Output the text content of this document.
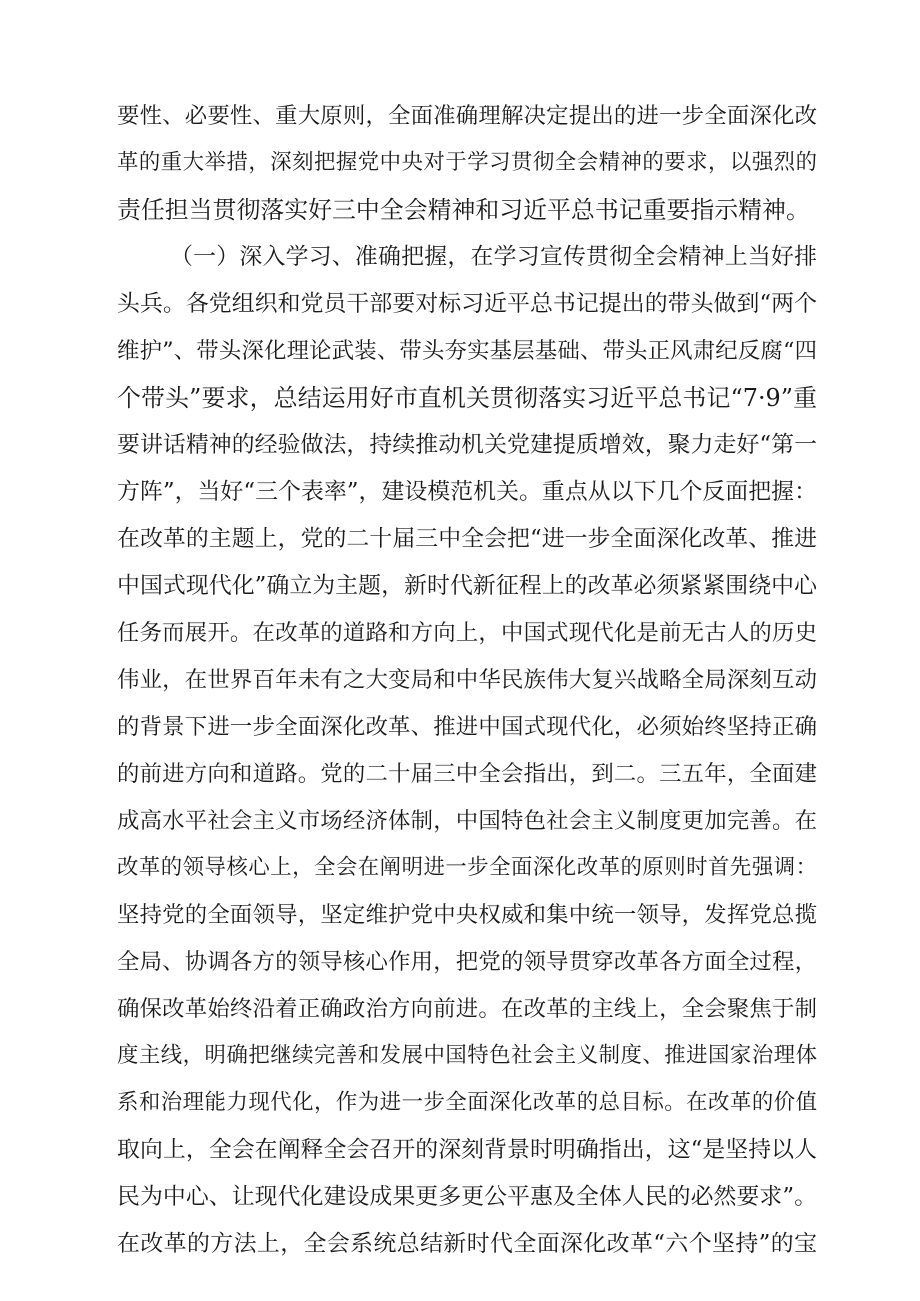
要性、必要性、重大原则，全面准确理解决定提出的进一步全面深化改
革的重大举措，深刻把握党中央对于学习贯彻全会精神的要求，以强烈的
责任担当贯彻落实好三中全会精神和习近平总书记重要指示精神。
（一）深入学习、准确把握，在学习宣传贯彻全会精神上当好排
头兵。各党组织和党员干部要对标习近平总书记提出的带头做到“两个
维护”、带头深化理论武装、带头夯实基层基础、带头正风肃纪反腐“四
个带头”要求，总结运用好市直机关贯彻落实习近平总书记“7·9”重
要讲话精神的经验做法，持续推动机关党建提质增效，聚力走好“第一
方阵”，当好“三个表率”，建设模范机关。重点从以下几个反面把握：
在改革的主题上，党的二十届三中全会把“进一步全面深化改革、推进
中国式现代化”确立为主题，新时代新征程上的改革必须紧紧围绕中心
任务而展开。在改革的道路和方向上，中国式现代化是前无古人的历史
伟业，在世界百年未有之大变局和中华民族伟大复兴战略全局深刻互动
的背景下进一步全面深化改革、推进中国式现代化，必须始终坚持正确
的前进方向和道路。党的二十届三中全会指出，到二。三五年，全面建
成高水平社会主义市场经济体制，中国特色社会主义制度更加完善。在
改革的领导核心上，全会在阐明进一步全面深化改革的原则时首先强调：
坚持党的全面领导，坚定维护党中央权威和集中统一领导，发挥党总揽
全局、协调各方的领导核心作用，把党的领导贯穿改革各方面全过程，
确保改革始终沿着正确政治方向前进。在改革的主线上，全会聚焦于制
度主线，明确把继续完善和发展中国特色社会主义制度、推进国家治理体
系和治理能力现代化，作为进一步全面深化改革的总目标。在改革的价值
取向上，全会在阐释全会召开的深刻背景时明确指出，这“是坚持以人
民为中心、让现代化建设成果更多更公平惠及全体人民的必然要求”。
在改革的方法上，全会系统总结新时代全面深化改革“六个坚持”的宝
